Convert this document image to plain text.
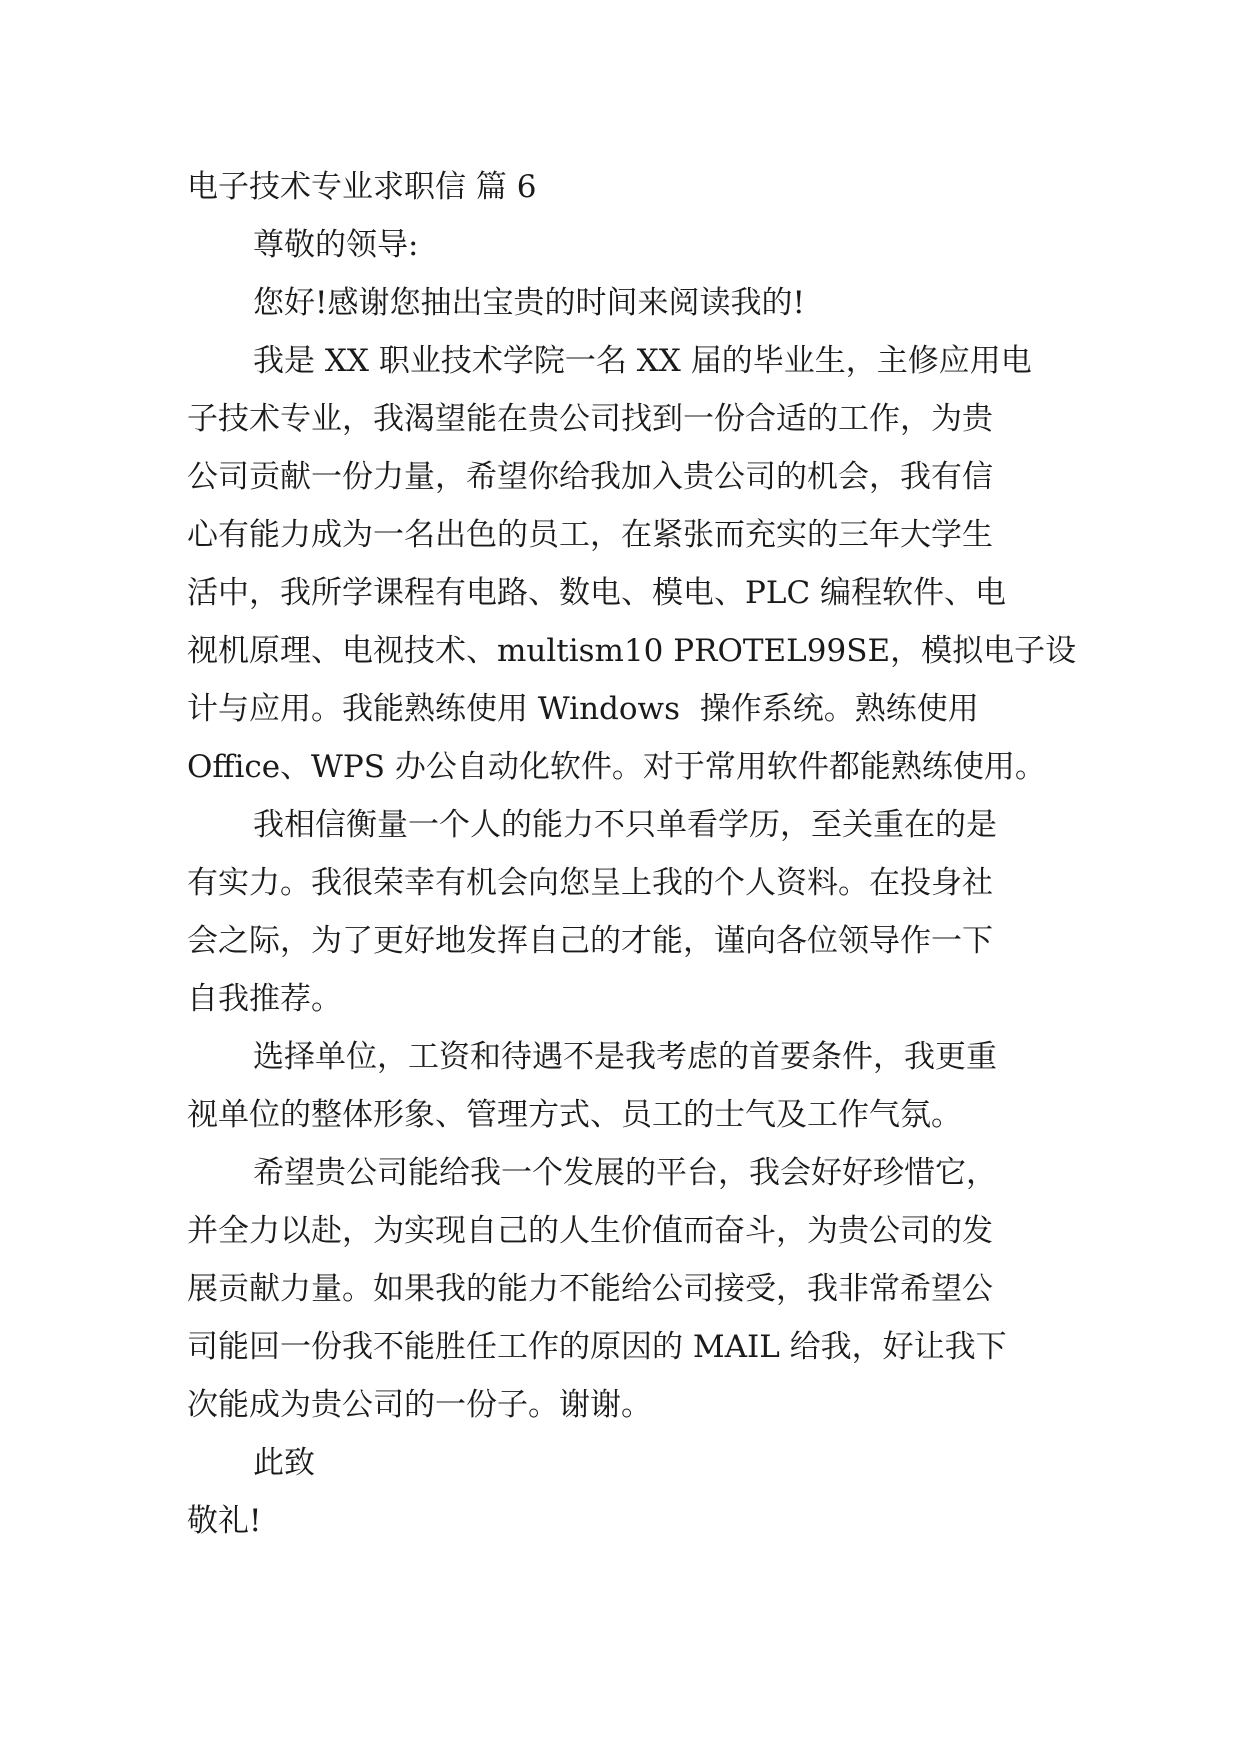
电子技术专业求职信 篇 6
尊敬的领导:
您好!感谢您抽出宝贵的时间来阅读我的!
我是 XX 职业技术学院一名 XX 届的毕业生，主修应用电
子技术专业，我渴望能在贵公司找到一份合适的工作，为贵
公司贡献一份力量，希望你给我加入贵公司的机会，我有信
心有能力成为一名出色的员工，在紧张而充实的三年大学生
活中，我所学课程有电路、数电、模电、PLC 编程软件、电
视机原理、电视技术、multism10 PROTEL99SE，模拟电子设
计与应用。我能熟练使用 Windows  操作系统。熟练使用
Office、WPS 办公自动化软件。对于常用软件都能熟练使用。
我相信衡量一个人的能力不只单看学历，至关重在的是
有实力。我很荣幸有机会向您呈上我的个人资料。在投身社
会之际，为了更好地发挥自己的才能，谨向各位领导作一下
自我推荐。
选择单位，工资和待遇不是我考虑的首要条件，我更重
视单位的整体形象、管理方式、员工的士气及工作气氛。
希望贵公司能给我一个发展的平台，我会好好珍惜它，
并全力以赴，为实现自己的人生价值而奋斗，为贵公司的发
展贡献力量。如果我的能力不能给公司接受，我非常希望公
司能回一份我不能胜任工作的原因的 MAIL 给我，好让我下
次能成为贵公司的一份子。谢谢。
此致
敬礼!
